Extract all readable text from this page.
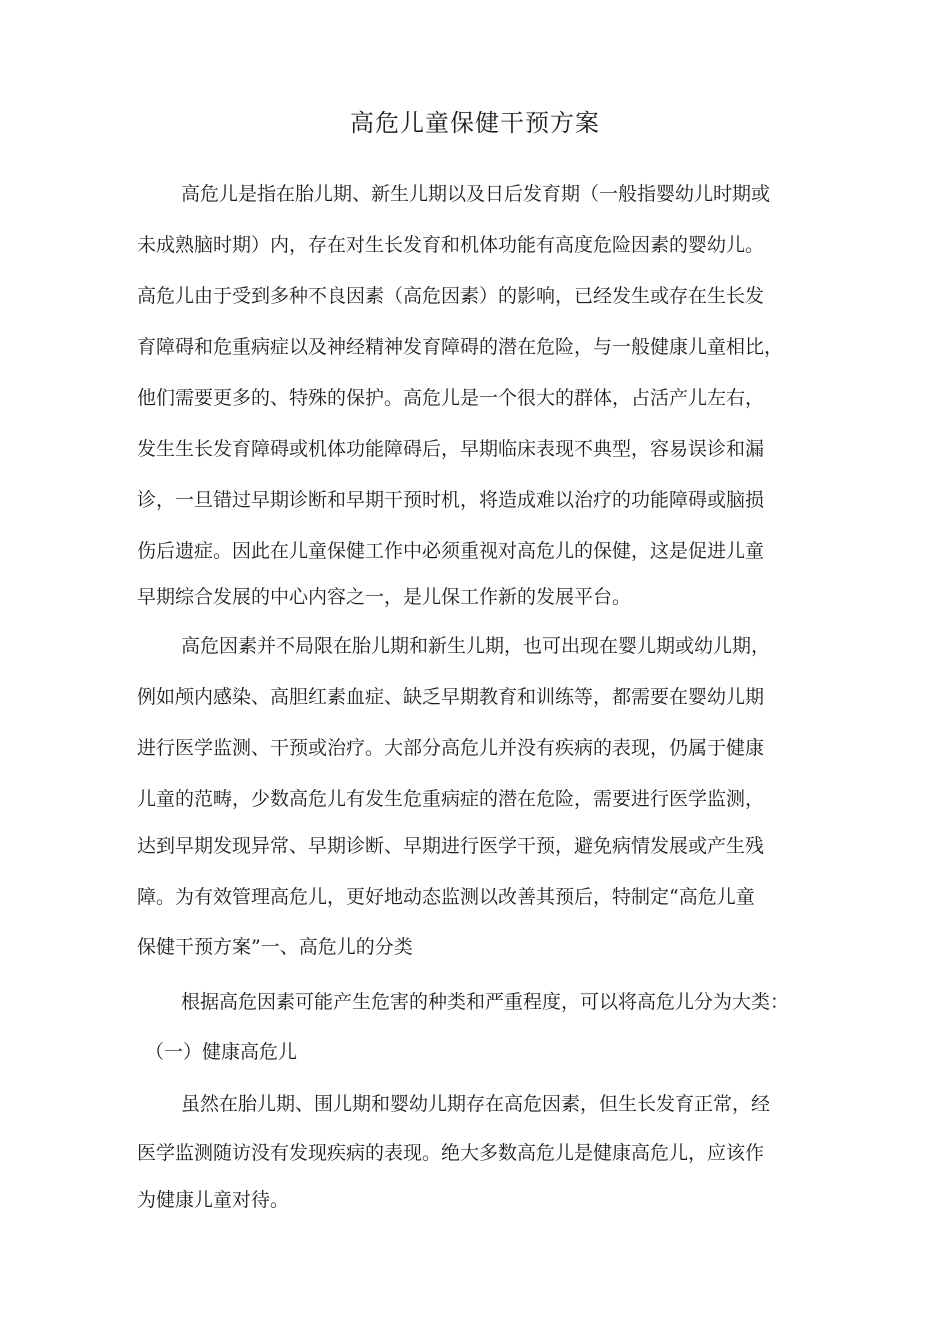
高危儿童保健干预方案

高危儿是指在胎儿期、新生儿期以及日后发育期（一般指婴幼儿时期或

未成熟脑时期）内，存在对生长发育和机体功能有高度危险因素的婴幼儿。

高危儿由于受到多种不良因素（高危因素）的影响，已经发生或存在生长发

育障碍和危重病症以及神经精神发育障碍的潜在危险，与一般健康儿童相比，

他们需要更多的、特殊的保护。高危儿是一个很大的群体，占活产儿左右，

发生生长发育障碍或机体功能障碍后，早期临床表现不典型，容易误诊和漏

诊，一旦错过早期诊断和早期干预时机，将造成难以治疗的功能障碍或脑损

伤后遗症。因此在儿童保健工作中必须重视对高危儿的保健，这是促进儿童

早期综合发展的中心内容之一，是儿保工作新的发展平台。

高危因素并不局限在胎儿期和新生儿期，也可出现在婴儿期或幼儿期，

例如颅内感染、高胆红素血症、缺乏早期教育和训练等，都需要在婴幼儿期

进行医学监测、干预或治疗。大部分高危儿并没有疾病的表现，仍属于健康

儿童的范畴，少数高危儿有发生危重病症的潜在危险，需要进行医学监测，

达到早期发现异常、早期诊断、早期进行医学干预，避免病情发展或产生残

障。为有效管理高危儿，更好地动态监测以改善其预后，特制定“高危儿童

保健干预方案”一、高危儿的分类

根据高危因素可能产生危害的种类和严重程度，可以将高危儿分为大类：

（一）健康高危儿

虽然在胎儿期、围儿期和婴幼儿期存在高危因素，但生长发育正常，经

医学监测随访没有发现疾病的表现。绝大多数高危儿是健康高危儿，应该作

为健康儿童对待。
